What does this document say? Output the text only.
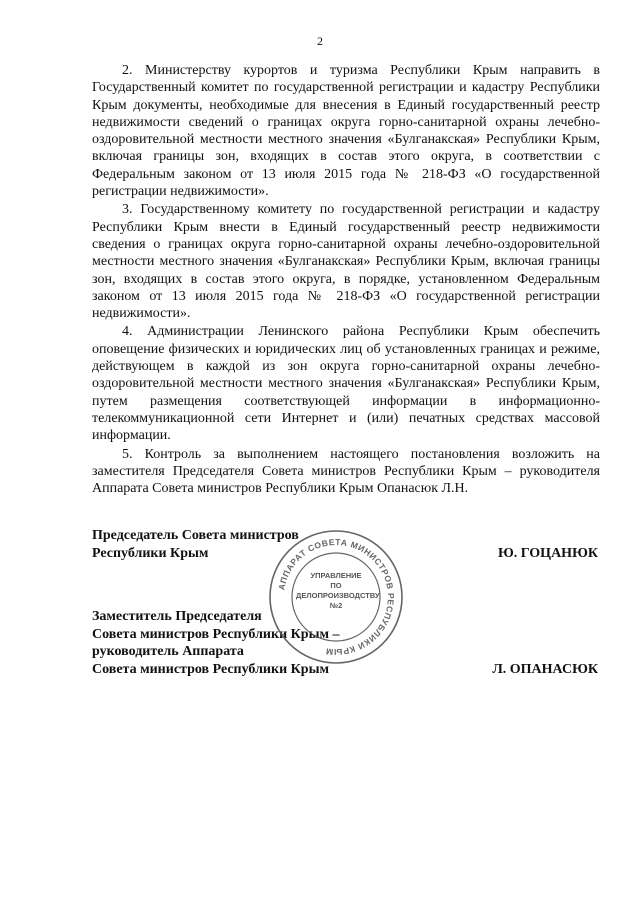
2

2. Министерству курортов и туризма Республики Крым направить в Государственный комитет по государственной регистрации и кадастру Республики Крым документы, необходимые для внесения в Единый государственный реестр недвижимости сведений о границах округа горно-санитарной охраны лечебно-оздоровительной местности местного значения «Булганакская» Республики Крым, включая границы зон, входящих в состав этого округа, в соответствии с Федеральным законом от 13 июля 2015 года № 218-ФЗ «О государственной регистрации недвижимости».

3. Государственному комитету по государственной регистрации и кадастру Республики Крым внести в Единый государственный реестр недвижимости сведения о границах округа горно-санитарной охраны лечебно-оздоровительной местности местного значения «Булганакская» Республики Крым, включая границы зон, входящих в состав этого округа, в порядке, установленном Федеральным законом от 13 июля 2015 года № 218-ФЗ «О государственной регистрации недвижимости».

4. Администрации Ленинского района Республики Крым обеспечить оповещение физических и юридических лиц об установленных границах и режиме, действующем в каждой из зон округа горно-санитарной охраны лечебно-оздоровительной местности местного значения «Булганакская» Республики Крым, путем размещения соответствующей информации в информационно-телекоммуникационной сети Интернет и (или) печатных средствах массовой информации.

5. Контроль за выполнением настоящего постановления возложить на заместителя Председателя Совета министров Республики Крым – руководителя Аппарата Совета министров Республики Крым Опанасюк Л.Н.

Председатель Совета министров
Республики Крым	Ю. ГОЦАНЮК
Заместитель Председателя
Совета министров Республики Крым –
руководитель Аппарата
Совета министров Республики Крым	Л. ОПАНАСЮК
АППАРАТ СОВЕТА МИНИСТРОВ РЕСПУБЛИКИ КРЫМ
УПРАВЛЕНИЕ
ПО
ДЕЛОПРОИЗВОДСТВУ
№2
